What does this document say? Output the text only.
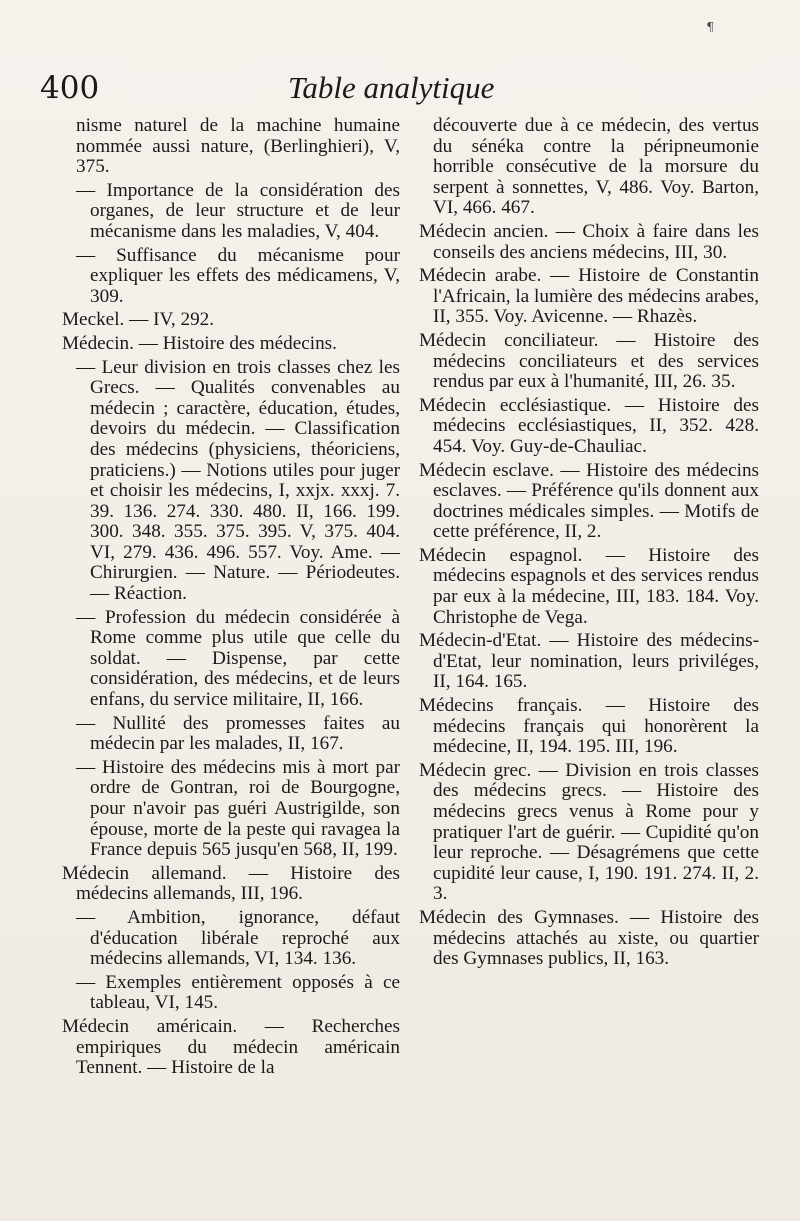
400	Table analytique
¶

nisme naturel de la machine humaine nommée aussi nature, (Berlinghieri), V, 375.

— Importance de la considération des organes, de leur structure et de leur mécanisme dans les maladies, V, 404.

— Suffisance du mécanisme pour expliquer les effets des médicamens, V, 309.

Meckel. — IV, 292.

Médecin. — Histoire des médecins.

— Leur division en trois classes chez les Grecs. — Qualités convenables au médecin ; caractère, éducation, études, devoirs du médecin. — Classification des médecins (physiciens, théoriciens, praticiens.) — Notions utiles pour juger et choisir les médecins, I, xxjx. xxxj. 7. 39. 136. 274. 330. 480. II, 166. 199. 300. 348. 355. 375. 395. V, 375. 404. VI, 279. 436. 496. 557. Voy. Ame. — Chirurgien. — Nature. — Périodeutes. — Réaction.

— Profession du médecin considérée à Rome comme plus utile que celle du soldat. — Dispense, par cette considération, des médecins, et de leurs enfans, du service militaire, II, 166.

— Nullité des promesses faites au médecin par les malades, II, 167.

— Histoire des médecins mis à mort par ordre de Gontran, roi de Bourgogne, pour n'avoir pas guéri Austrigilde, son épouse, morte de la peste qui ravagea la France depuis 565 jusqu'en 568, II, 199.

Médecin allemand. — Histoire des médecins allemands, III, 196.

— Ambition, ignorance, défaut d'éducation libérale reproché aux médecins allemands, VI, 134. 136.

— Exemples entièrement opposés à ce tableau, VI, 145.

Médecin américain. — Recherches empiriques du médecin américain Tennent. — Histoire de la

découverte due à ce médecin, des vertus du sénéka contre la péripneumonie horrible consécutive de la morsure du serpent à sonnettes, V, 486. Voy. Barton, VI, 466. 467.

Médecin ancien. — Choix à faire dans les conseils des anciens médecins, III, 30.

Médecin arabe. — Histoire de Constantin l'Africain, la lumière des médecins arabes, II, 355. Voy. Avicenne. — Rhazès.

Médecin conciliateur. — Histoire des médecins conciliateurs et des services rendus par eux à l'humanité, III, 26. 35.

Médecin ecclésiastique. — Histoire des médecins ecclésiastiques, II, 352. 428. 454. Voy. Guy-de-Chauliac.

Médecin esclave. — Histoire des médecins esclaves. — Préférence qu'ils donnent aux doctrines médicales simples. — Motifs de cette préférence, II, 2.

Médecin espagnol. — Histoire des médecins espagnols et des services rendus par eux à la médecine, III, 183. 184. Voy. Christophe de Vega.

Médecin-d'Etat. — Histoire des médecins-d'Etat, leur nomination, leurs priviléges, II, 164. 165.

Médecins français. — Histoire des médecins français qui honorèrent la médecine, II, 194. 195. III, 196.

Médecin grec. — Division en trois classes des médecins grecs. — Histoire des médecins grecs venus à Rome pour y pratiquer l'art de guérir. — Cupidité qu'on leur reproche. — Désagrémens que cette cupidité leur cause, I, 190. 191. 274. II, 2. 3.

Médecin des Gymnases. — Histoire des médecins attachés au xiste, ou quartier des Gymnases publics, II, 163.
